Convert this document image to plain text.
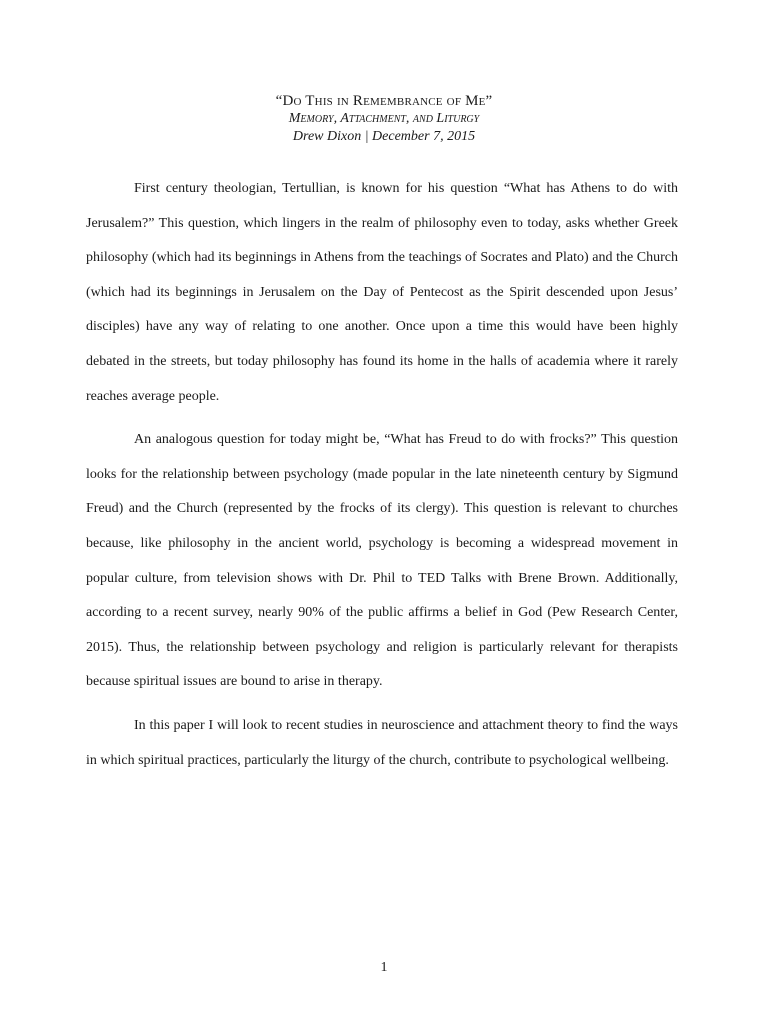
“Do This in Remembrance of Me”
Memory, Attachment, and Liturgy
Drew Dixon | December 7, 2015

First century theologian, Tertullian, is known for his question “What has Athens to do with Jerusalem?” This question, which lingers in the realm of philosophy even to today, asks whether Greek philosophy (which had its beginnings in Athens from the teachings of Socrates and Plato) and the Church (which had its beginnings in Jerusalem on the Day of Pentecost as the Spirit descended upon Jesus’ disciples) have any way of relating to one another. Once upon a time this would have been highly debated in the streets, but today philosophy has found its home in the halls of academia where it rarely reaches average people.

An analogous question for today might be, “What has Freud to do with frocks?” This question looks for the relationship between psychology (made popular in the late nineteenth century by Sigmund Freud) and the Church (represented by the frocks of its clergy). This question is relevant to churches because, like philosophy in the ancient world, psychology is becoming a widespread movement in popular culture, from television shows with Dr. Phil to TED Talks with Brene Brown. Additionally, according to a recent survey, nearly 90% of the public affirms a belief in God (Pew Research Center, 2015). Thus, the relationship between psychology and religion is particularly relevant for therapists because spiritual issues are bound to arise in therapy.

In this paper I will look to recent studies in neuroscience and attachment theory to find the ways in which spiritual practices, particularly the liturgy of the church, contribute to psychological wellbeing.

1
